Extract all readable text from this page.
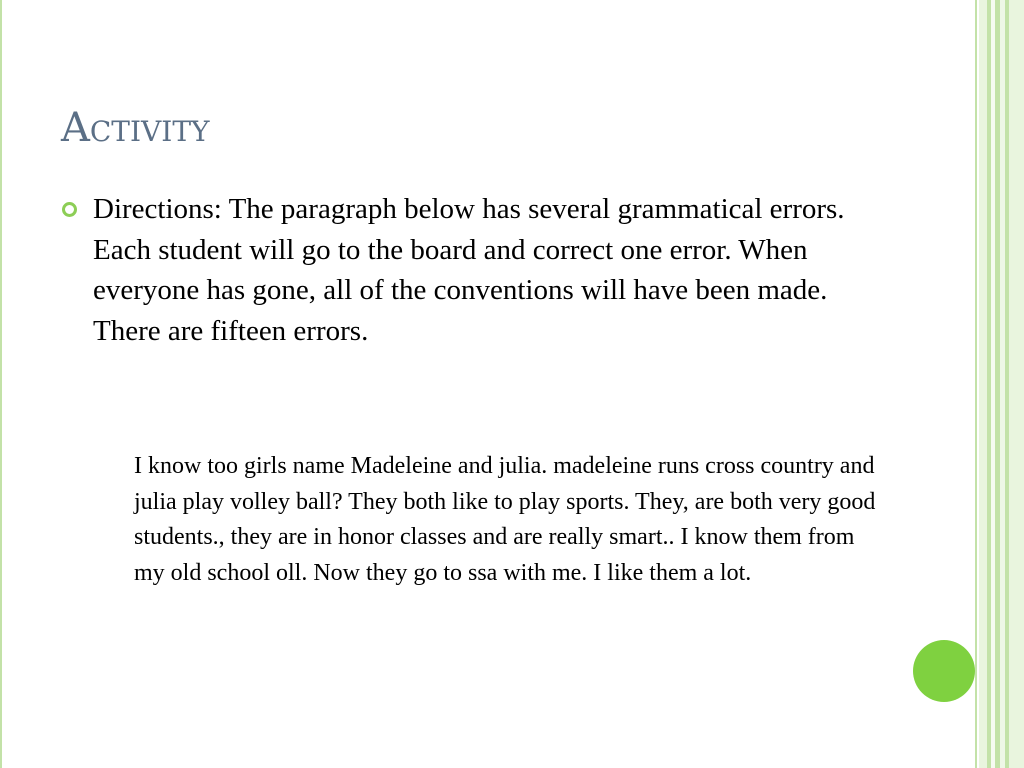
Activity

Directions: The paragraph below has several grammatical errors. Each student will go to the board and correct one error. When everyone has gone, all of the conventions will have been made. There are fifteen errors.

I know too girls name Madeleine and julia. madeleine runs cross country and julia play volley ball? They both like to play sports. They, are both very good students., they are in honor classes and are really smart.. I know them from my old school oll. Now they go to ssa with me. I like them a lot.
